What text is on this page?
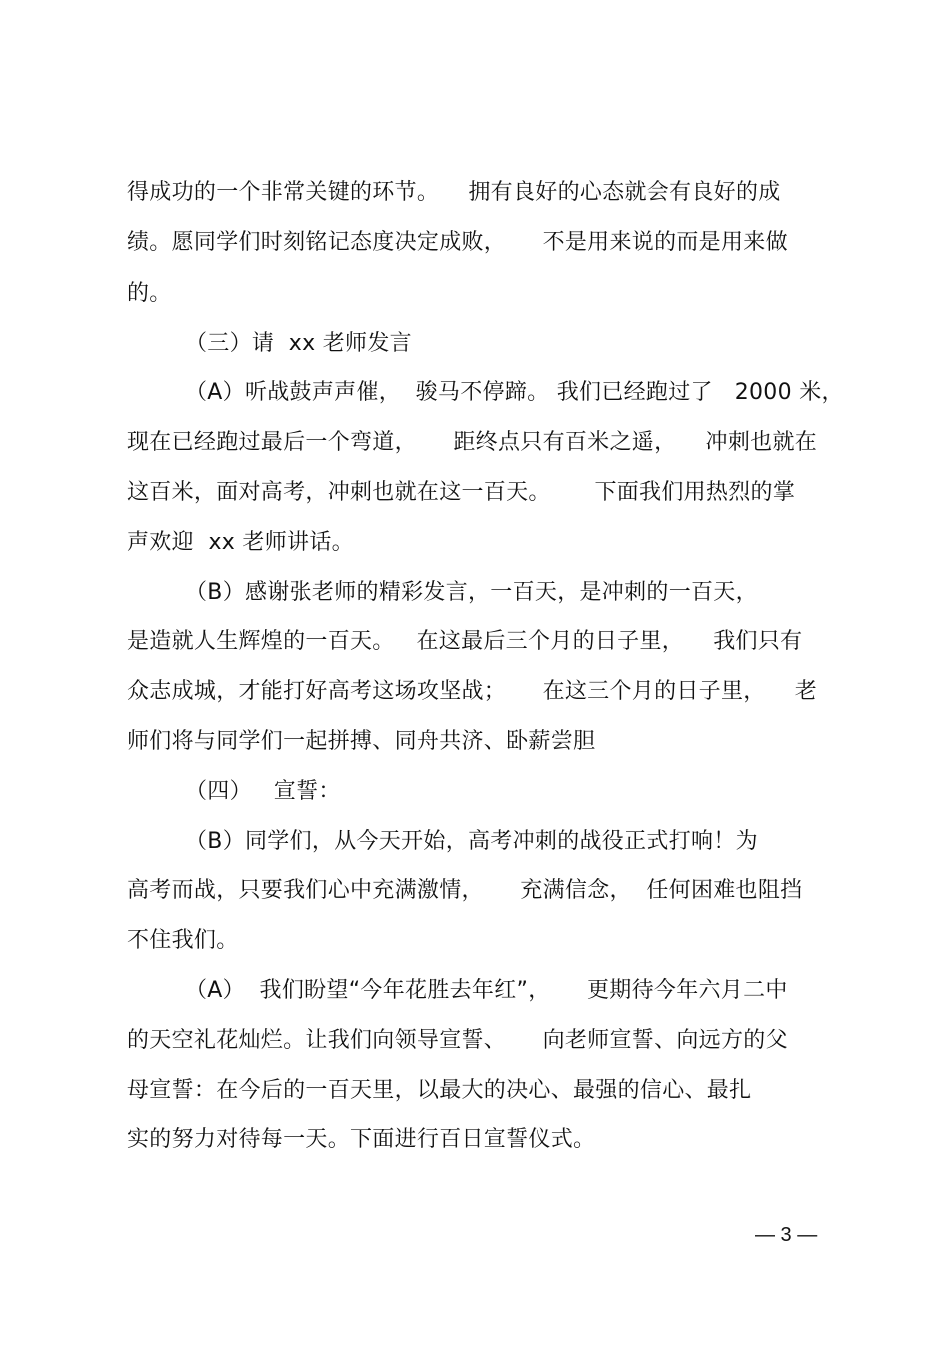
得成功的一个非常关键的环节。    拥有良好的心态就会有良好的成
绩。愿同学们时刻铭记态度决定成败，     不是用来说的而是用来做
的。
（三）请  xx 老师发言
（A）听战鼓声声催，  骏马不停蹄。 我们已经跑过了   2000 米，
现在已经跑过最后一个弯道，     距终点只有百米之遥，    冲刺也就在
这百米，面对高考，冲刺也就在这一百天。      下面我们用热烈的掌
声欢迎  xx 老师讲话。
（B）感谢张老师的精彩发言，一百天，是冲刺的一百天，
是造就人生辉煌的一百天。   在这最后三个月的日子里，    我们只有
众志成城，才能打好高考这场攻坚战；     在这三个月的日子里，    老
师们将与同学们一起拼搏、同舟共济、卧薪尝胆
（四）   宣誓：
（B）同学们，从今天开始，高考冲刺的战役正式打响！为
高考而战，只要我们心中充满激情，     充满信念，  任何困难也阻挡
不住我们。
（A）  我们盼望“今年花胜去年红”，     更期待今年六月二中
的天空礼花灿烂。让我们向领导宣誓、     向老师宣誓、向远方的父
母宣誓：在今后的一百天里，以最大的决心、最强的信心、最扎
实的努力对待每一天。下面进行百日宣誓仪式。
— 3 —
